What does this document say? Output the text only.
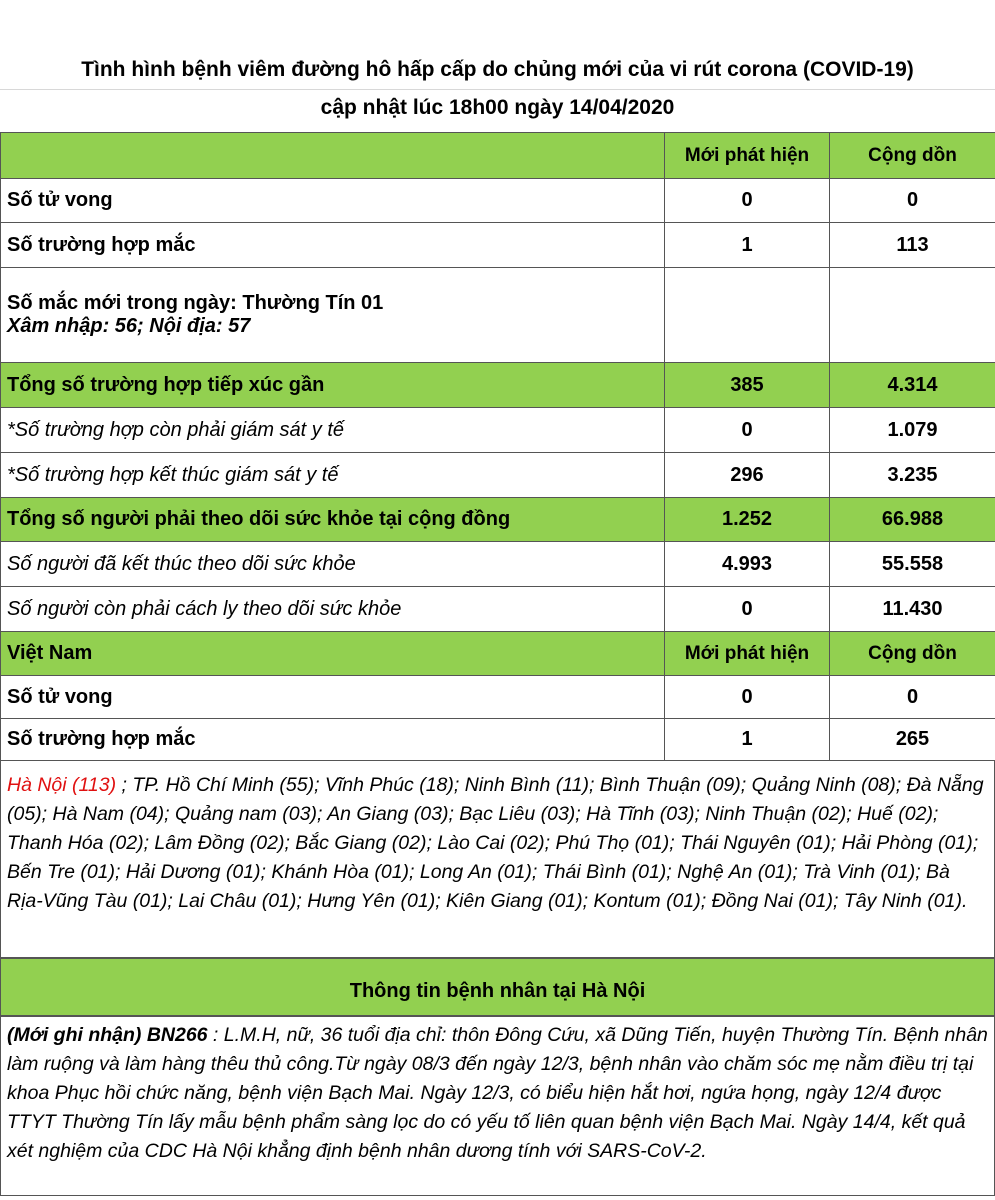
Tình hình bệnh viêm đường hô hấp cấp do chủng mới của vi rút corona (COVID-19)
cập nhật lúc 18h00 ngày 14/04/2020
	Mới phát hiện	Cộng dồn
Số tử vong	0	0
Số trường hợp mắc	1	113

Số mắc mới trong ngày: Thường Tín 01
Xâm nhập: 56; Nội địa: 57		

Tổng số trường hợp tiếp xúc gần	385	4.314
*Số trường hợp còn phải giám sát y tế	0	1.079
*Số trường hợp kết thúc giám sát y tế	296	3.235
Tổng số người phải theo dõi sức khỏe tại cộng đồng	1.252	66.988
Số người đã kết thúc theo dõi sức khỏe	4.993	55.558
Số người còn phải cách ly theo dõi sức khỏe	0	11.430
Việt Nam	Mới phát hiện	Cộng dồn
Số tử vong	0	0
Số trường hợp mắc	1	265
Hà Nội (113) ; TP. Hồ Chí Minh (55); Vĩnh Phúc (18); Ninh Bình (11); Bình Thuận (09); Quảng Ninh (08); Đà Nẵng (05); Hà Nam (04); Quảng nam (03); An Giang (03); Bạc Liêu (03); Hà Tĩnh (03); Ninh Thuận (02); Huế (02); Thanh Hóa (02); Lâm Đồng (02); Bắc Giang (02); Lào Cai (02); Phú Thọ (01); Thái Nguyên (01); Hải Phòng (01); Bến Tre (01); Hải Dương (01); Khánh Hòa (01); Long An (01); Thái Bình (01); Nghệ An (01); Trà Vinh (01); Bà Rịa-Vũng Tàu (01); Lai Châu (01); Hưng Yên (01); Kiên Giang (01); Kontum (01); Đồng Nai (01); Tây Ninh (01).
Thông tin bệnh nhân tại Hà Nội
(Mới ghi nhận) BN266 : L.M.H, nữ, 36 tuổi địa chỉ: thôn Đông Cứu, xã Dũng Tiến, huyện Thường Tín. Bệnh nhân làm ruộng và làm hàng thêu thủ công.Từ ngày 08/3 đến ngày 12/3, bệnh nhân vào chăm sóc mẹ nằm điều trị tại khoa Phục hồi chức năng, bệnh viện Bạch Mai. Ngày 12/3, có biểu hiện hắt hơi, ngứa họng, ngày 12/4 được TTYT Thường Tín lấy mẫu bệnh phẩm sàng lọc do có yếu tố liên quan bệnh viện Bạch Mai. Ngày 14/4, kết quả xét nghiệm của CDC Hà Nội khẳng định bệnh nhân dương tính với SARS-CoV-2.
